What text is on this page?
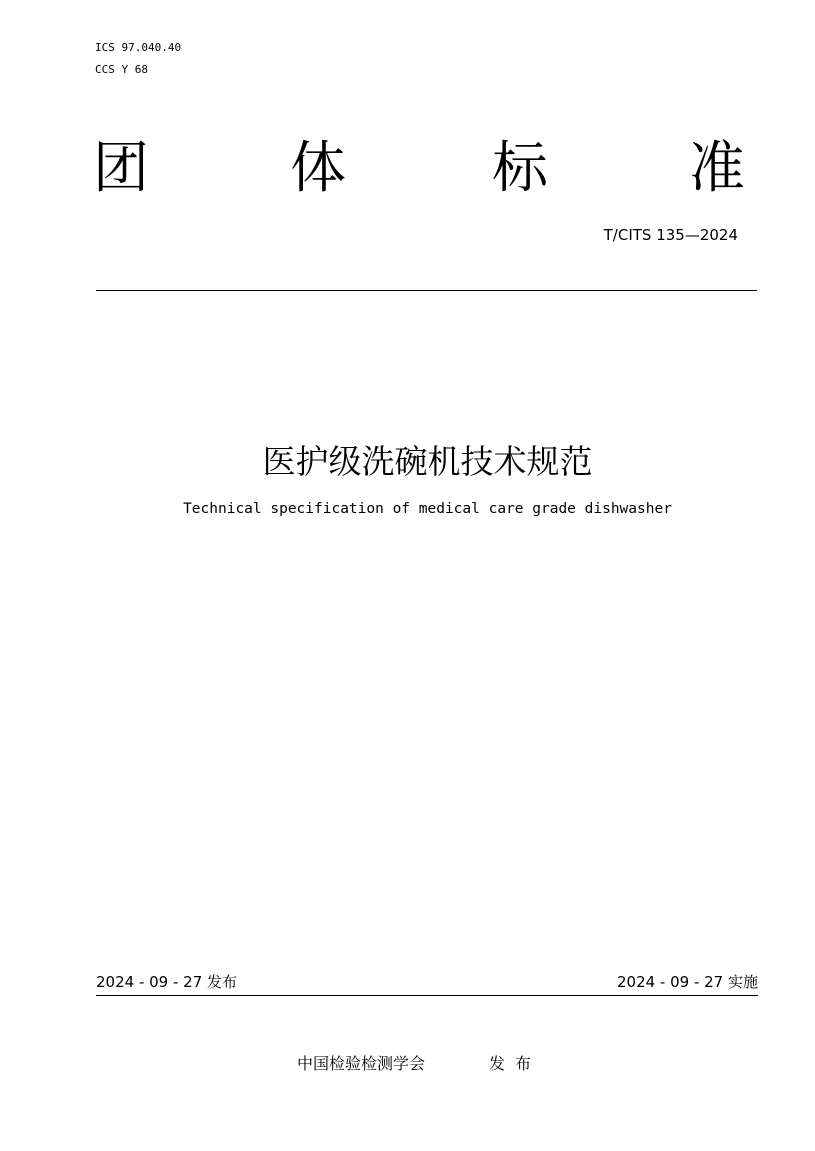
ICS 97.040.40
CCS Y 68
团	体	标	准
T/CITS 135—2024
医护级洗碗机技术规范
Technical specification of medical care grade dishwasher
2024 - 09 - 27 发布	2024 - 09 - 27 实施
中国检验检测学会	发布
